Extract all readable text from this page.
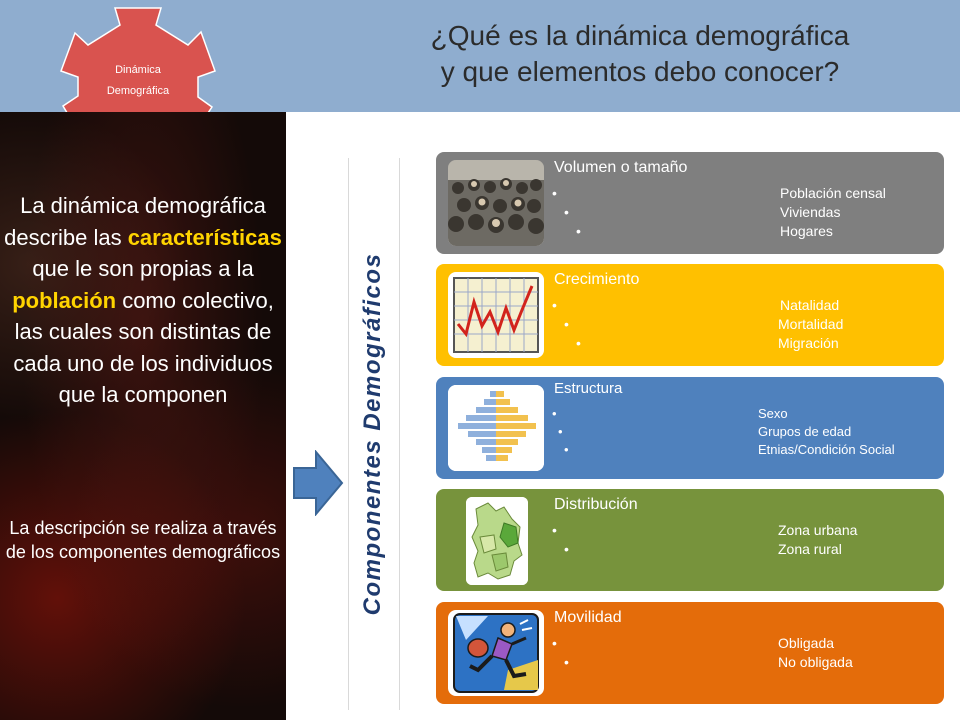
¿Qué es la dinámica demográfica
y que elementos debo conocer?
Dinámica
Demográfica
La dinámica demográfica describe las características que le son propias a la población como colectivo, las cuales son distintas de cada uno de los individuos que la componen
La descripción se realiza a través de los componentes demográficos	Componentes Demográficos
Volumen o tamaño
•	Población censal
•	Viviendas
•	Hogares
Crecimiento
•	Natalidad
•	Mortalidad
•	Migración
Estructura
•	Sexo
•	Grupos de edad
•	Etnias/Condición Social
Distribución
•	Zona urbana
•	Zona rural
Movilidad
•	Obligada
•	No obligada
